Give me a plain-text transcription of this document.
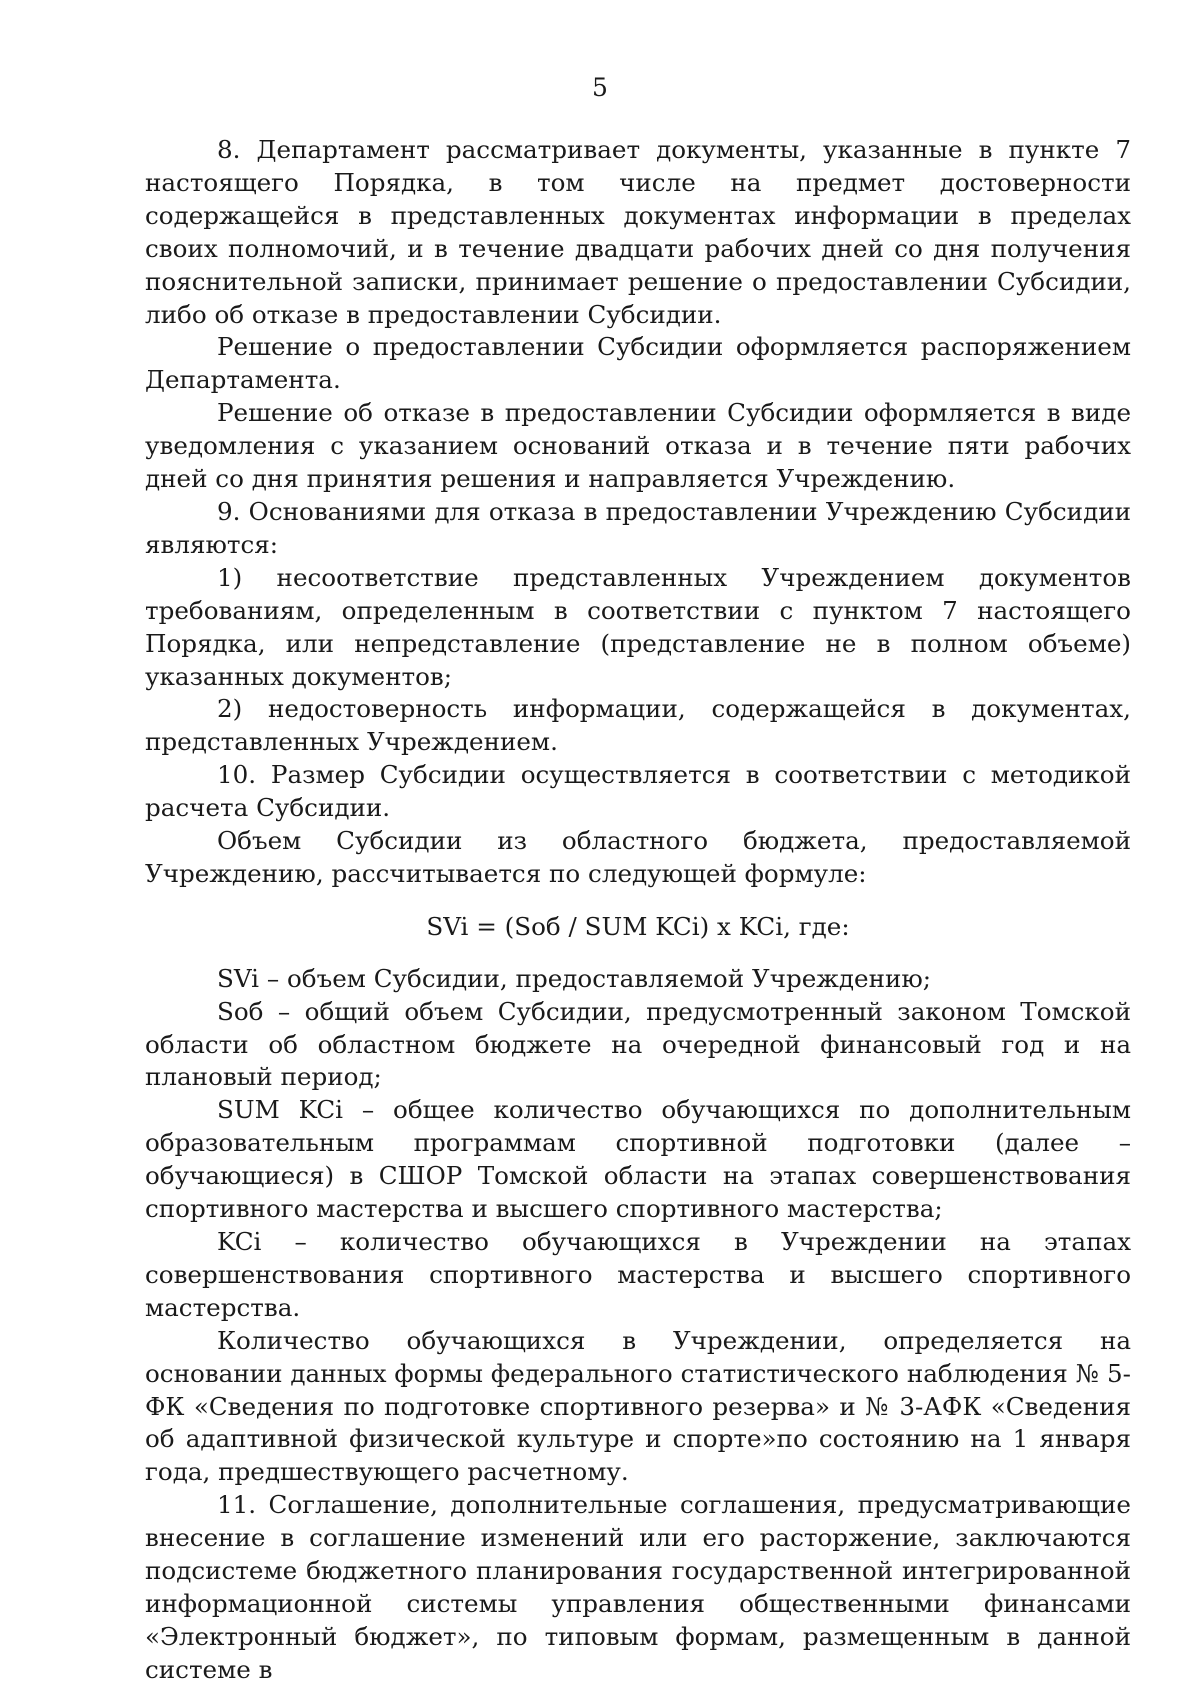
5

8. Департамент рассматривает документы, указанные в пункте 7 настоящего Порядка, в том числе на предмет достоверности содержащейся в представленных документах информации в пределах своих полномочий, и в течение двадцати рабочих дней со дня получения пояснительной записки, принимает решение о предоставлении Субсидии, либо об отказе в предоставлении Субсидии.

Решение о предоставлении Субсидии оформляется распоряжением Департамента.

Решение об отказе в предоставлении Субсидии оформляется в виде уведомления с указанием оснований отказа и в течение пяти рабочих дней со дня принятия решения и направляется Учреждению.

9. Основаниями для отказа в предоставлении Учреждению Субсидии являются:

1) несоответствие представленных Учреждением документов требованиям, определенным в соответствии с пунктом 7 настоящего Порядка, или непредставление (представление не в полном объеме) указанных документов;

2) недостоверность информации, содержащейся в документах, представленных Учреждением.

10. Размер Субсидии осуществляется в соответствии с методикой расчета Субсидии.

Объем Субсидии из областного бюджета, предоставляемой Учреждению, рассчитывается по следующей формуле:

SVi = (Sоб / SUM KCi) x KCi, где:

SVi – объем Субсидии, предоставляемой Учреждению;

Sоб – общий объем Субсидии, предусмотренный законом Томской области об областном бюджете на очередной финансовый год и на плановый период;

SUM KCi – общее количество обучающихся по дополнительным образовательным программам спортивной подготовки (далее – обучающиеся) в СШОР Томской области на этапах совершенствования спортивного мастерства и высшего спортивного мастерства;

KCi – количество обучающихся в Учреждении на этапах совершенствования спортивного мастерства и высшего спортивного мастерства.

Количество обучающихся в Учреждении, определяется на основании данных формы федерального статистического наблюдения № 5-ФК «Сведения по подготовке спортивного резерва» и № 3-АФК «Сведения об адаптивной физической культуре и спорте»по состоянию на 1 января года, предшествующего расчетному.

11. Соглашение, дополнительные соглашения, предусматривающие внесение в соглашение изменений или его расторжение, заключаются подсистеме бюджетного планирования государственной интегрированной информационной системы управления общественными финансами «Электронный бюджет», по типовым формам, размещенным в данной системе в
